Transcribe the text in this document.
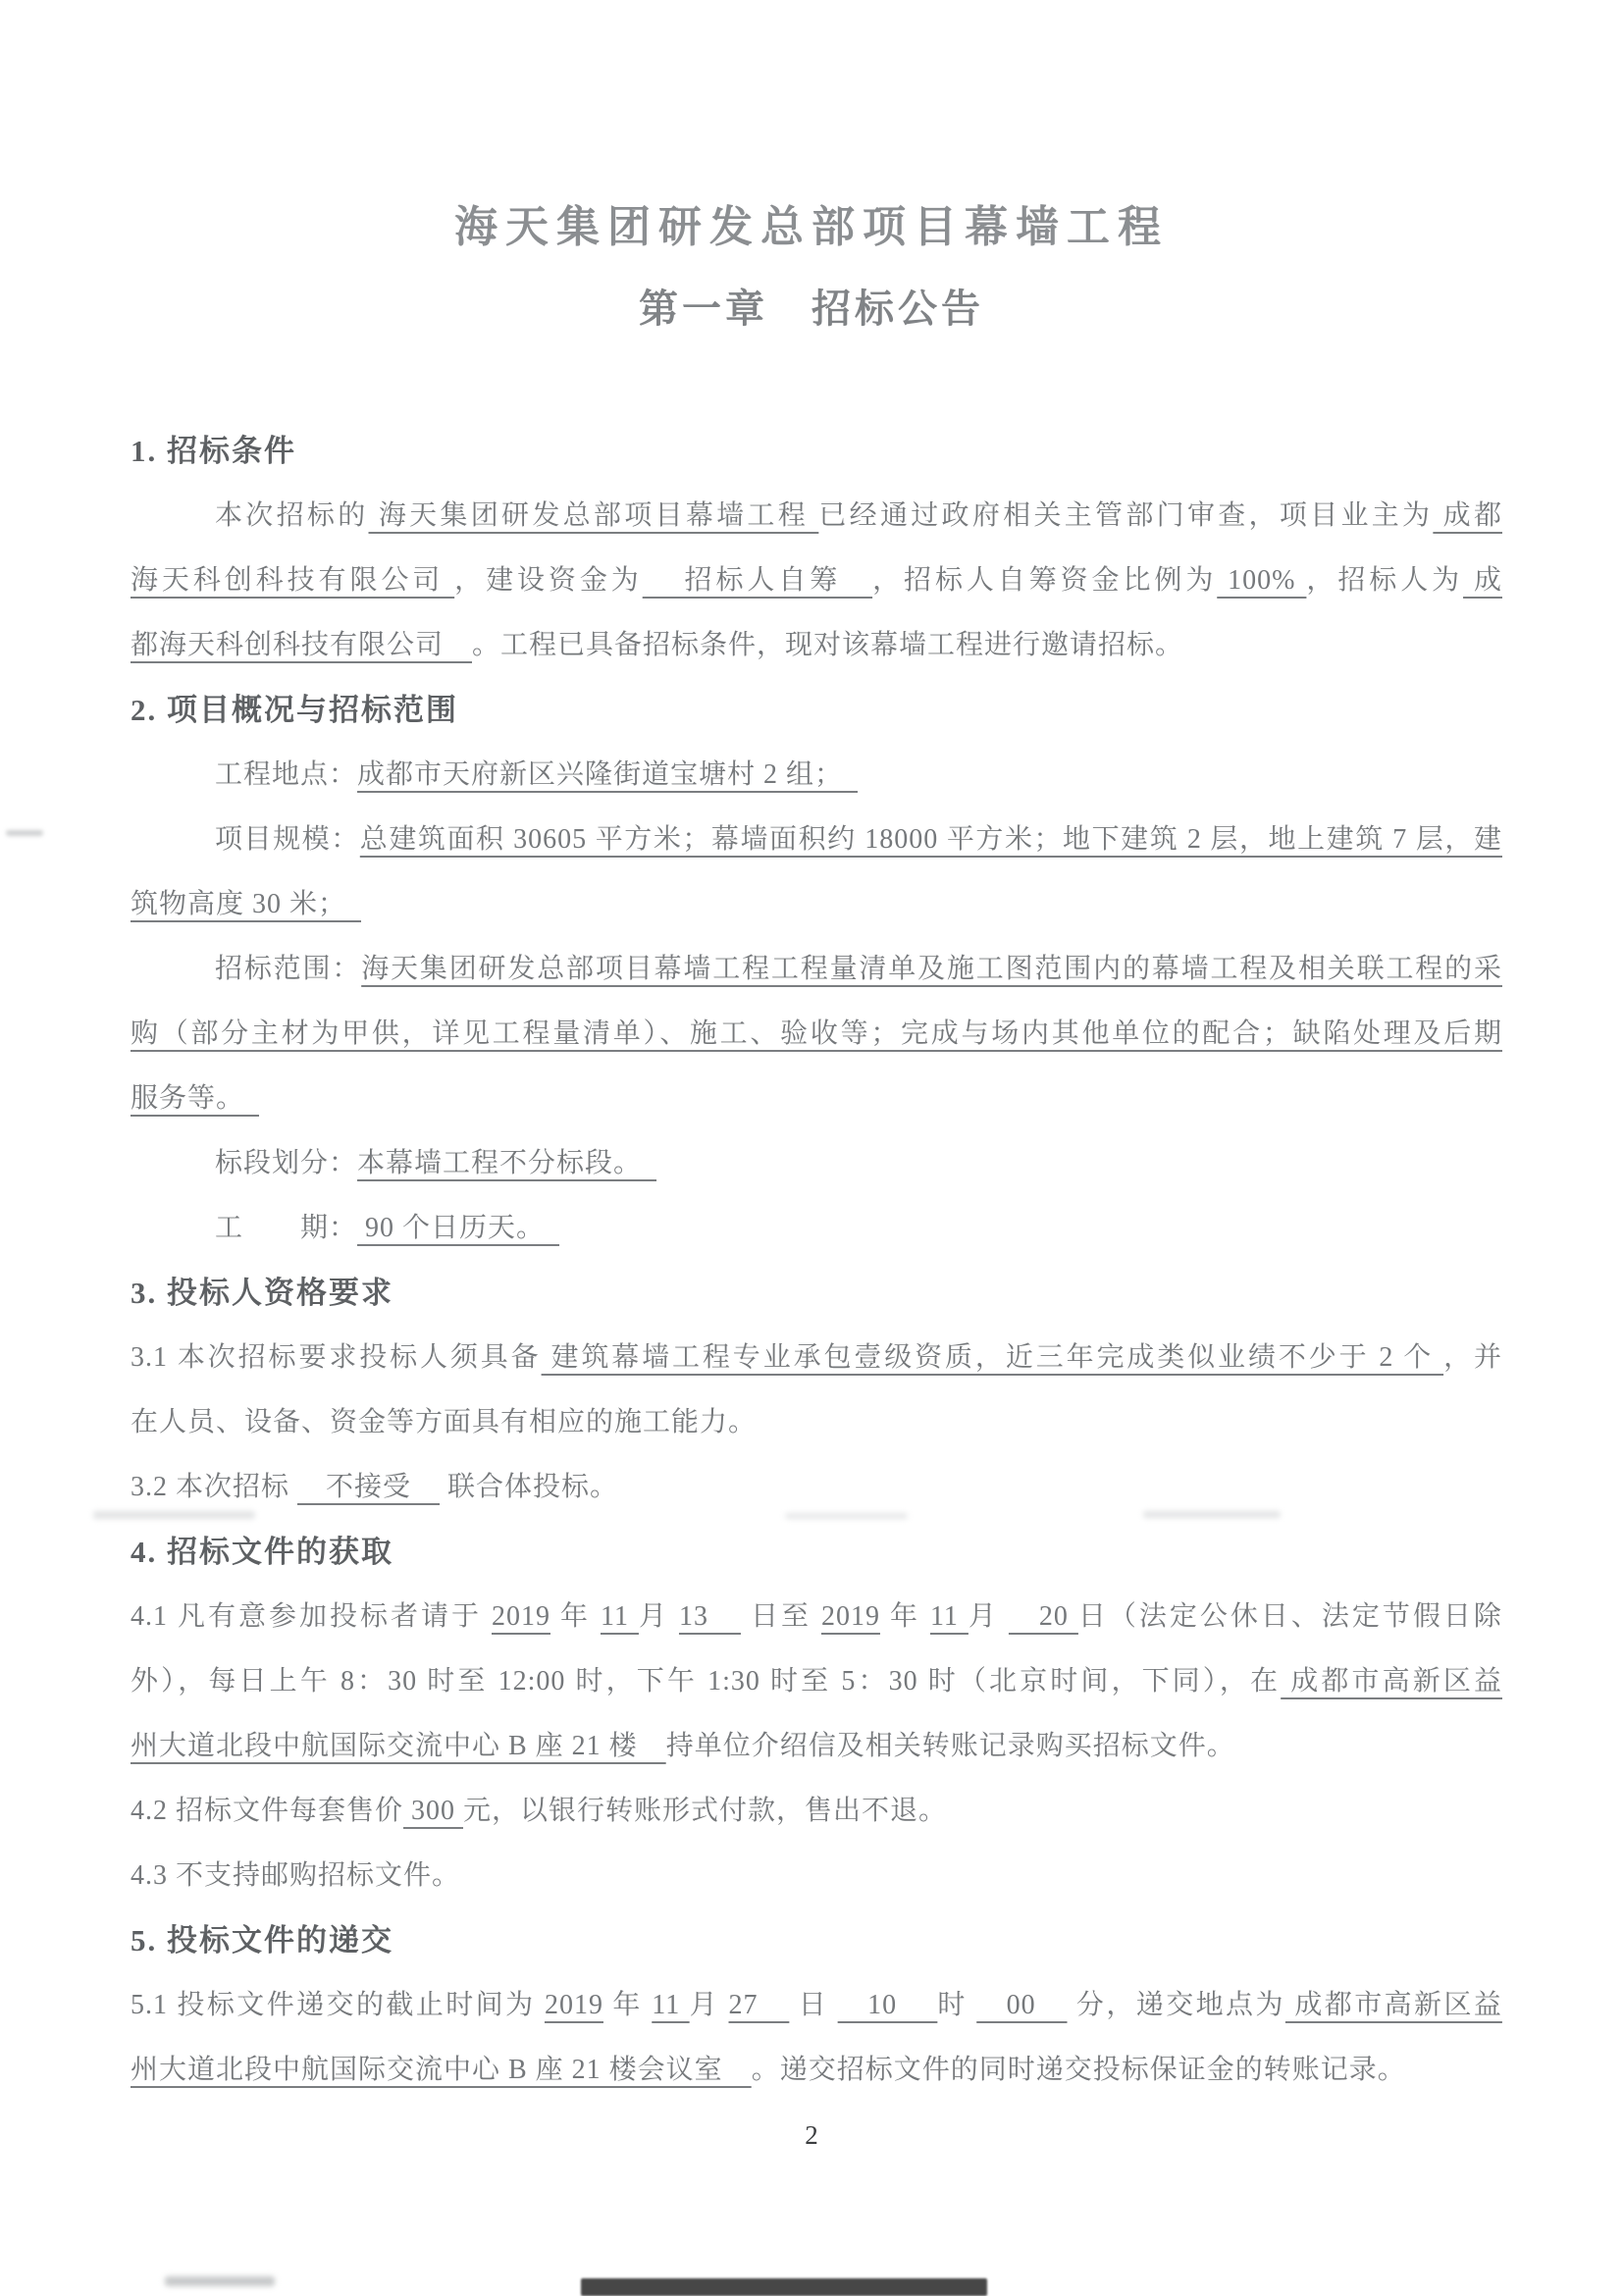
海天集团研发总部项目幕墙工程
第一章　招标公告
1. 招标条件
本次招标的 海天集团研发总部项目幕墙工程 已经通过政府相关主管部门审查，项目业主为 成都
海天科创科技有限公司 ，建设资金为　 招标人自筹　，招标人自筹资金比例为 100% ，招标人为 成
都海天科创科技有限公司　。工程已具备招标条件，现对该幕墙工程进行邀请招标。
2. 项目概况与招标范围
工程地点：成都市天府新区兴隆街道宝塘村 2 组；　
项目规模：总建筑面积 30605 平方米；幕墙面积约 18000 平方米；地下建筑 2 层，地上建筑 7 层，建
筑物高度 30 米；　
招标范围：海天集团研发总部项目幕墙工程工程量清单及施工图范围内的幕墙工程及相关联工程的采
购（部分主材为甲供，详见工程量清单）、施工、验收等；完成与场内其他单位的配合；缺陷处理及后期
服务等。　
标段划分：本幕墙工程不分标段。　
工　　期： 90 个日历天。　
3. 投标人资格要求
3.1 本次招标要求投标人须具备 建筑幕墙工程专业承包壹级资质，近三年完成类似业绩不少于 2 个 ，并
在人员、设备、资金等方面具有相应的施工能力。
3.2 本次招标 　不接受　 联合体投标。
4. 招标文件的获取
4.1 凡有意参加投标者请于 2019 年 11 月 13　 日至 2019 年 11 月 　20 日（法定公休日、法定节假日除
外），每日上午 8：30 时至 12:00 时，下午 1:30 时至 5：30 时（北京时间，下同），在 成都市高新区益
州大道北段中航国际交流中心 B 座 21 楼　持单位介绍信及相关转账记录购买招标文件。
4.2 招标文件每套售价 300 元，以银行转账形式付款，售出不退。
4.3 不支持邮购招标文件。
5. 投标文件的递交
5.1 投标文件递交的截止时间为 2019 年 11 月 27　 日 　10　 时 　00　 分，递交地点为 成都市高新区益
州大道北段中航国际交流中心 B 座 21 楼会议室　。递交招标文件的同时递交投标保证金的转账记录。
2
